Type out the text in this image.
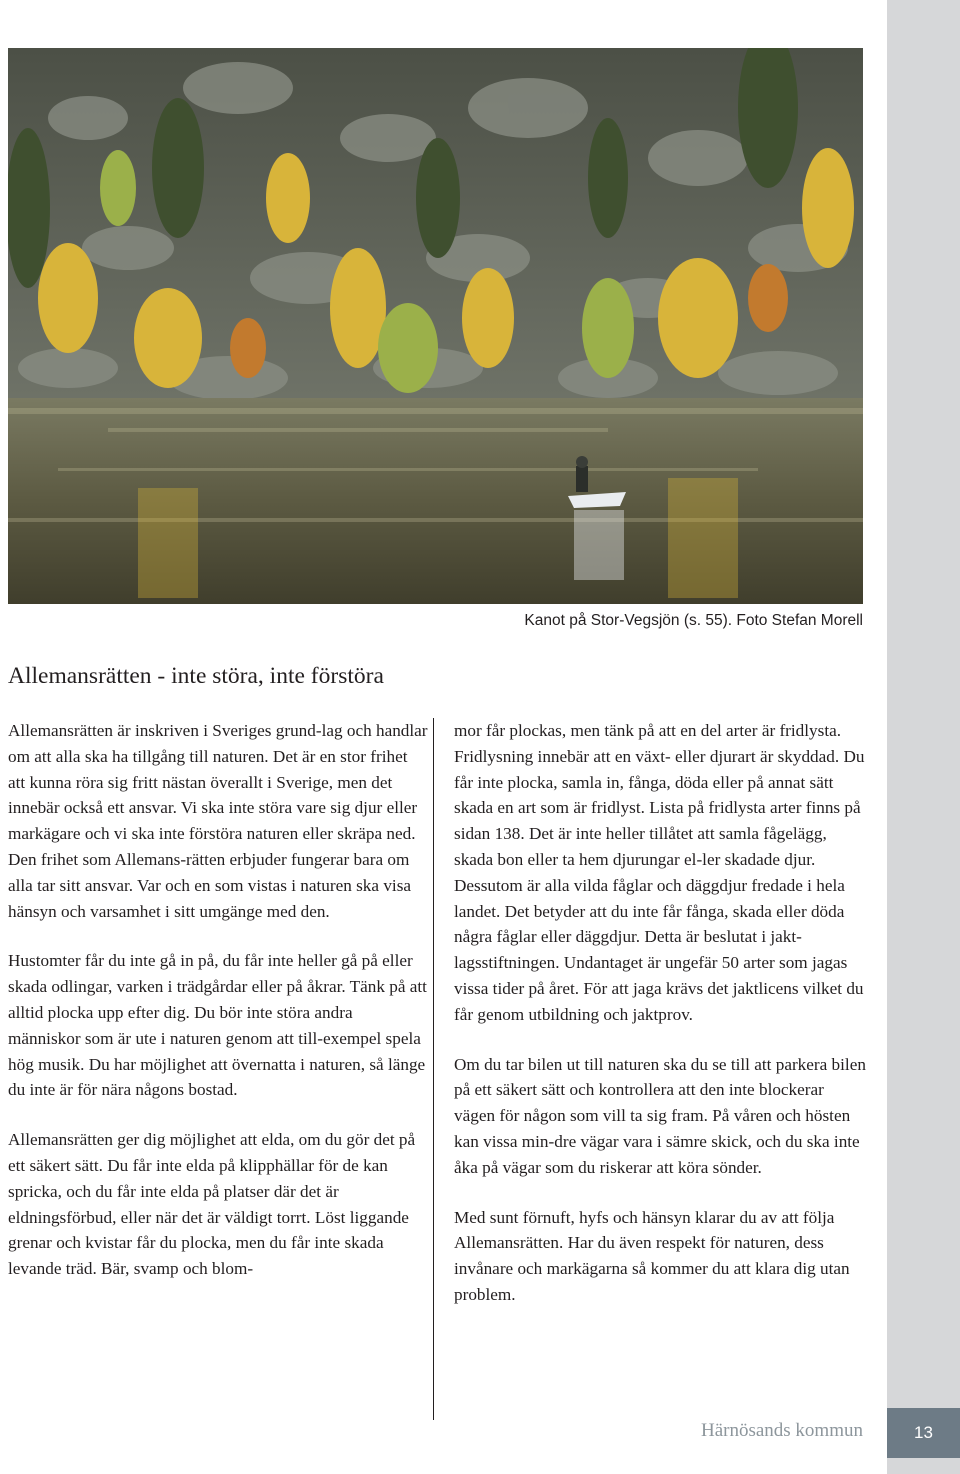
13
Kanot på Stor-Vegsjön (s. 55). Foto Stefan Morell
Allemansrätten - inte störa, inte förstöra

Allemansrätten är inskriven i Sveriges grund-lag och handlar om att alla ska ha tillgång till naturen. Det är en stor frihet att kunna röra sig fritt nästan överallt i Sverige, men det innebär också ett ansvar. Vi ska inte störa vare sig djur eller markägare och vi ska inte förstöra naturen eller skräpa ned. Den frihet som Allemans-rätten erbjuder fungerar bara om alla tar sitt ansvar. Var och en som vistas i naturen ska visa hänsyn och varsamhet i sitt umgänge med den.

Hustomter får du inte gå in på, du får inte heller gå på eller skada odlingar, varken i trädgårdar eller på åkrar. Tänk på att alltid plocka upp efter dig. Du bör inte störa andra människor som är ute i naturen genom att till-exempel spela hög musik. Du har möjlighet att övernatta i naturen, så länge du inte är för nära någons bostad.

Allemansrätten ger dig möjlighet att elda, om du gör det på ett säkert sätt. Du får inte elda på klipphällar för de kan spricka, och du får inte elda på platser där det är eldningsförbud, eller när det är väldigt torrt. Löst liggande grenar och kvistar får du plocka, men du får inte skada levande träd. Bär, svamp och blom-

mor får plockas, men tänk på att en del arter är fridlysta. Fridlysning innebär att en växt- eller djurart är skyddad. Du får inte plocka, samla in, fånga, döda eller på annat sätt skada en art som är fridlyst. Lista på fridlysta arter finns på sidan 138. Det är inte heller tillåtet att samla fågelägg, skada bon eller ta hem djurungar el-ler skadade djur. Dessutom är alla vilda fåglar och däggdjur fredade i hela landet. Det betyder att du inte får fånga, skada eller döda några fåglar eller däggdjur. Detta är beslutat i jakt-lagsstiftningen. Undantaget är ungefär 50 arter som jagas vissa tider på året. För att jaga krävs det jaktlicens vilket du får genom utbildning och jaktprov.

Om du tar bilen ut till naturen ska du se till att parkera bilen på ett säkert sätt och kontrollera att den inte blockerar vägen för någon som vill ta sig fram. På våren och hösten kan vissa min-dre vägar vara i sämre skick, och du ska inte åka på vägar som du riskerar att köra sönder.

Med sunt förnuft, hyfs och hänsyn klarar du av att följa Allemansrätten. Har du även respekt för naturen, dess invånare och markägarna så kommer du att klara dig utan problem.

Härnösands kommun
